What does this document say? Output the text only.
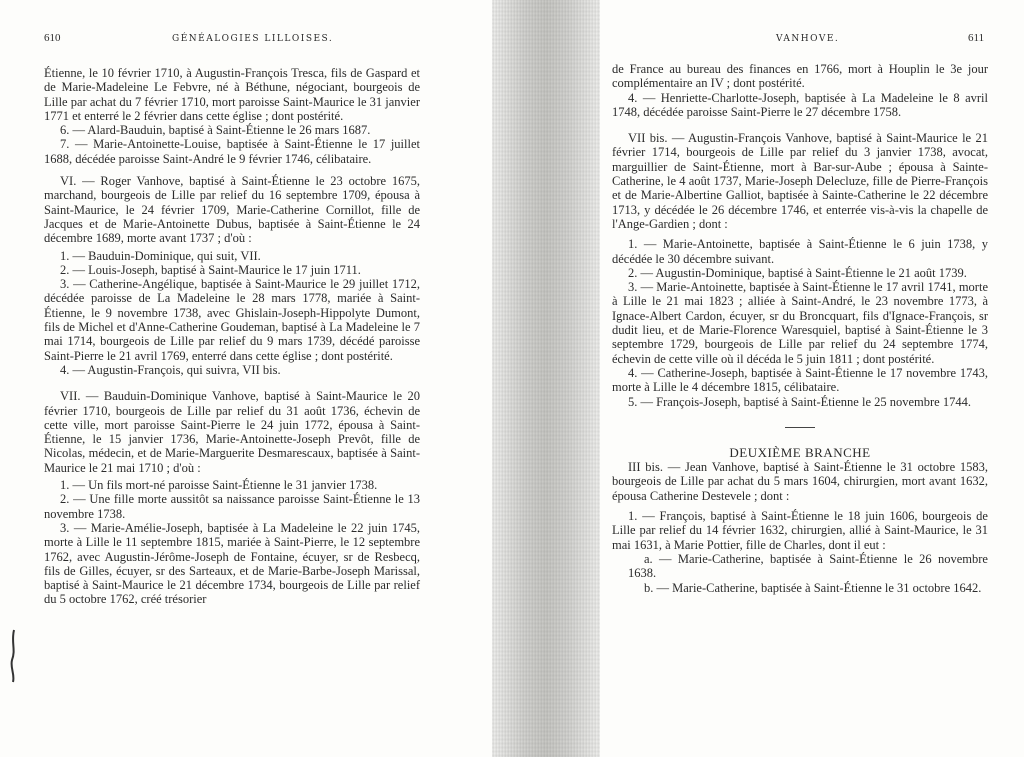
610	GÉNÉALOGIES LILLOISES.

Étienne, le 10 février 1710, à Augustin-François Tresca, fils de Gaspard et de Marie-Madeleine Le Febvre, né à Béthune, négociant, bourgeois de Lille par achat du 7 février 1710, mort paroisse Saint-Maurice le 31 janvier 1771 et enterré le 2 février dans cette église ; dont postérité.

6. — Alard-Bauduin, baptisé à Saint-Étienne le 26 mars 1687.

7. — Marie-Antoinette-Louise, baptisée à Saint-Étienne le 17 juillet 1688, décédée paroisse Saint-André le 9 février 1746, célibataire.

VI. — Roger Vanhove, baptisé à Saint-Étienne le 23 octobre 1675, marchand, bourgeois de Lille par relief du 16 septembre 1709, épousa à Saint-Maurice, le 24 février 1709, Marie-Catherine Cornillot, fille de Jacques et de Marie-Antoinette Dubus, baptisée à Saint-Étienne le 24 décembre 1689, morte avant 1737 ; d'où :

1. — Bauduin-Dominique, qui suit, VII.

2. — Louis-Joseph, baptisé à Saint-Maurice le 17 juin 1711.

3. — Catherine-Angélique, baptisée à Saint-Maurice le 29 juillet 1712, décédée paroisse de La Madeleine le 28 mars 1778, mariée à Saint-Étienne, le 9 novembre 1738, avec Ghislain-Joseph-Hippolyte Dumont, fils de Michel et d'Anne-Catherine Goudeman, baptisé à La Madeleine le 7 mai 1714, bourgeois de Lille par relief du 9 mars 1739, décédé paroisse Saint-Pierre le 21 avril 1769, enterré dans cette église ; dont postérité.

4. — Augustin-François, qui suivra, VII bis.

VII. — Bauduin-Dominique Vanhove, baptisé à Saint-Maurice le 20 février 1710, bourgeois de Lille par relief du 31 août 1736, échevin de cette ville, mort paroisse Saint-Pierre le 24 juin 1772, épousa à Saint-Étienne, le 15 janvier 1736, Marie-Antoinette-Joseph Prevôt, fille de Nicolas, médecin, et de Marie-Marguerite Desmarescaux, baptisée à Saint-Maurice le 21 mai 1710 ; d'où :

1. — Un fils mort-né paroisse Saint-Étienne le 31 janvier 1738.

2. — Une fille morte aussitôt sa naissance paroisse Saint-Étienne le 13 novembre 1738.

3. — Marie-Amélie-Joseph, baptisée à La Madeleine le 22 juin 1745, morte à Lille le 11 septembre 1815, mariée à Saint-Pierre, le 12 septembre 1762, avec Augustin-Jérôme-Joseph de Fontaine, écuyer, sr de Resbecq, fils de Gilles, écuyer, sr des Sarteaux, et de Marie-Barbe-Joseph Marissal, baptisé à Saint-Maurice le 21 décembre 1734, bourgeois de Lille par relief du 5 octobre 1762, créé trésorier

VANHOVE.	611

de France au bureau des finances en 1766, mort à Houplin le 3e jour complémentaire an IV ; dont postérité.

4. — Henriette-Charlotte-Joseph, baptisée à La Madeleine le 8 avril 1748, décédée paroisse Saint-Pierre le 27 décembre 1758.

VII bis. — Augustin-François Vanhove, baptisé à Saint-Maurice le 21 février 1714, bourgeois de Lille par relief du 3 janvier 1738, avocat, marguillier de Saint-Étienne, mort à Bar-sur-Aube ; épousa à Sainte-Catherine, le 4 août 1737, Marie-Joseph Delecluze, fille de Pierre-François et de Marie-Albertine Galliot, baptisée à Sainte-Catherine le 22 décembre 1713, y décédée le 26 décembre 1746, et enterrée vis-à-vis la chapelle de l'Ange-Gardien ; dont :

1. — Marie-Antoinette, baptisée à Saint-Étienne le 6 juin 1738, y décédée le 30 décembre suivant.

2. — Augustin-Dominique, baptisé à Saint-Étienne le 21 août 1739.

3. — Marie-Antoinette, baptisée à Saint-Étienne le 17 avril 1741, morte à Lille le 21 mai 1823 ; alliée à Saint-André, le 23 novembre 1773, à Ignace-Albert Cardon, écuyer, sr du Broncquart, fils d'Ignace-François, sr dudit lieu, et de Marie-Florence Waresquiel, baptisé à Saint-Étienne le 3 septembre 1729, bourgeois de Lille par relief du 24 septembre 1774, échevin de cette ville où il décéda le 5 juin 1811 ; dont postérité.

4. — Catherine-Joseph, baptisée à Saint-Étienne le 17 novembre 1743, morte à Lille le 4 décembre 1815, célibataire.

5. — François-Joseph, baptisé à Saint-Étienne le 25 novembre 1744.

DEUXIÈME BRANCHE

III bis. — Jean Vanhove, baptisé à Saint-Étienne le 31 octobre 1583, bourgeois de Lille par achat du 5 mars 1604, chirurgien, mort avant 1632, épousa Catherine Destevele ; dont :

1. — François, baptisé à Saint-Étienne le 18 juin 1606, bourgeois de Lille par relief du 14 février 1632, chirurgien, allié à Saint-Maurice, le 31 mai 1631, à Marie Pottier, fille de Charles, dont il eut :

a. — Marie-Catherine, baptisée à Saint-Étienne le 26 novembre 1638.

b. — Marie-Catherine, baptisée à Saint-Étienne le 31 octobre 1642.
